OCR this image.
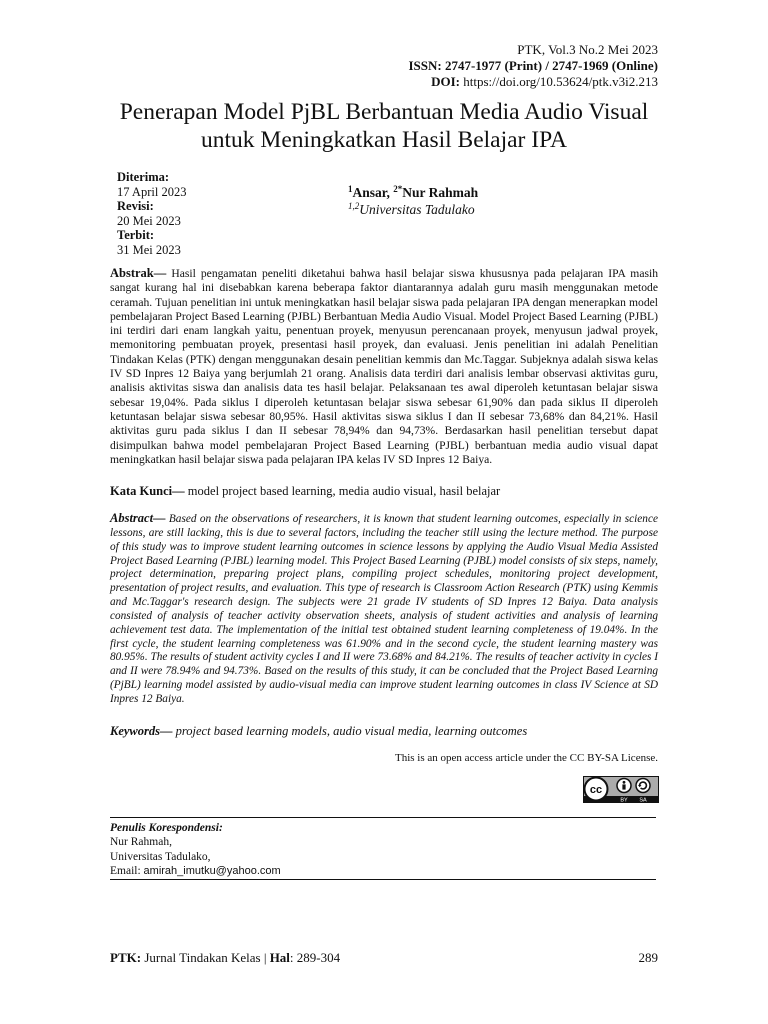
PTK, Vol.3 No.2 Mei 2023
ISSN: 2747-1977 (Print) / 2747-1969 (Online)
DOI: https://doi.org/10.53624/ptk.v3i2.213
Penerapan Model PjBL Berbantuan Media Audio Visual untuk Meningkatkan Hasil Belajar IPA
Diterima:
17 April 2023
Revisi:
20 Mei 2023
Terbit:
31 Mei 2023
$^1$Ansar, $^{2*}$Nur Rahmah
$^{1,2}$Universitas Tadulako
Abstrak— Hasil pengamatan peneliti diketahui bahwa hasil belajar siswa khususnya pada pelajaran IPA masih sangat kurang hal ini disebabkan karena beberapa faktor diantarannya adalah guru masih menggunakan metode ceramah. Tujuan penelitian ini untuk meningkatkan hasil belajar siswa pada pelajaran IPA dengan menerapkan model pembelajaran Project Based Learning (PJBL) Berbantuan Media Audio Visual. Model Project Based Learning (PJBL) ini terdiri dari enam langkah yaitu, penentuan proyek, menyusun perencanaan proyek, menyusun jadwal proyek, memonitoring pembuatan proyek, presentasi hasil proyek, dan evaluasi. Jenis penelitian ini adalah Penelitian Tindakan Kelas (PTK) dengan menggunakan desain penelitian kemmis dan Mc.Taggar. Subjeknya adalah siswa kelas IV SD Inpres 12 Baiya yang berjumlah 21 orang. Analisis data terdiri dari analisis lembar observasi aktivitas guru, analisis aktivitas siswa dan analisis data tes hasil belajar. Pelaksanaan tes awal diperoleh ketuntasan belajar siswa sebesar 19,04%. Pada siklus I diperoleh ketuntasan belajar siswa sebesar 61,90% dan pada siklus II diperoleh ketuntasan belajar siswa sebesar 80,95%. Hasil aktivitas siswa siklus I dan II sebesar 73,68% dan 84,21%. Hasil aktivitas guru pada siklus I dan II sebesar 78,94% dan 94,73%. Berdasarkan hasil penelitian tersebut dapat disimpulkan bahwa model pembelajaran Project Based Learning (PJBL) berbantuan media audio visual dapat meningkatkan hasil belajar siswa pada pelajaran IPA kelas IV SD Inpres 12 Baiya.
Kata Kunci— model project based learning, media audio visual, hasil belajar
Abstract— Based on the observations of researchers, it is known that student learning outcomes, especially in science lessons, are still lacking, this is due to several factors, including the teacher still using the lecture method. The purpose of this study was to improve student learning outcomes in science lessons by applying the Audio Visual Media Assisted Project Based Learning (PJBL) learning model. This Project Based Learning (PJBL) model consists of six steps, namely, project determination, preparing project plans, compiling project schedules, monitoring project development, presentation of project results, and evaluation. This type of research is Classroom Action Research (PTK) using Kemmis and Mc.Taggar's research design. The subjects were 21 grade IV students of SD Inpres 12 Baiya. Data analysis consisted of analysis of teacher activity observation sheets, analysis of student activities and analysis of learning achievement test data. The implementation of the initial test obtained student learning completeness of 19.04%. In the first cycle, the student learning completeness was 61.90% and in the second cycle, the student learning mastery was 80.95%. The results of student activity cycles I and II were 73.68% and 84.21%. The results of teacher activity in cycles I and II were 78.94% and 94.73%. Based on the results of this study, it can be concluded that the Project Based Learning (PjBL) learning model assisted by audio-visual media can improve student learning outcomes in class IV Science at SD Inpres 12 Baiya.
Keywords— project based learning models, audio visual media, learning outcomes
This is an open access article under the CC BY-SA License.
cc
BY SA
Penulis Korespondensi:
Nur Rahmah,
Universitas Tadulako,
Email: amirah_imutku@yahoo.com
PTK: Jurnal Tindakan Kelas | Hal: 289-304	289
